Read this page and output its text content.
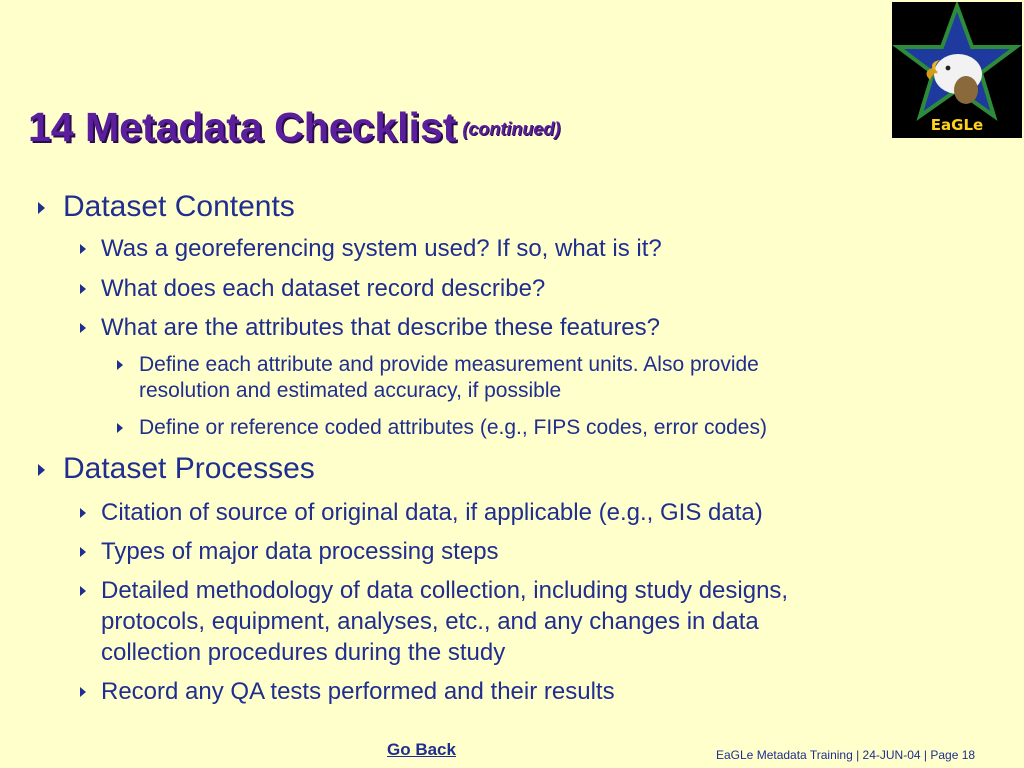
14 Metadata Checklist $^{(continued)}$	EaGLe
Dataset Contents
Was a georeferencing system used? If so, what is it?
What does each dataset record describe?
What are the attributes that describe these features?
Define each attribute and provide measurement units. Also provide
resolution and estimated accuracy, if possible
Define or reference coded attributes (e.g., FIPS codes, error codes)
Dataset Processes
Citation of source of original data, if applicable (e.g., GIS data)
Types of major data processing steps
Detailed methodology of data collection, including study designs,
protocols, equipment, analyses, etc., and any changes in data
collection procedures during the study
Record any QA tests performed and their results
Go Back	EaGLe Metadata Training | 24-JUN-04 | Page 18
